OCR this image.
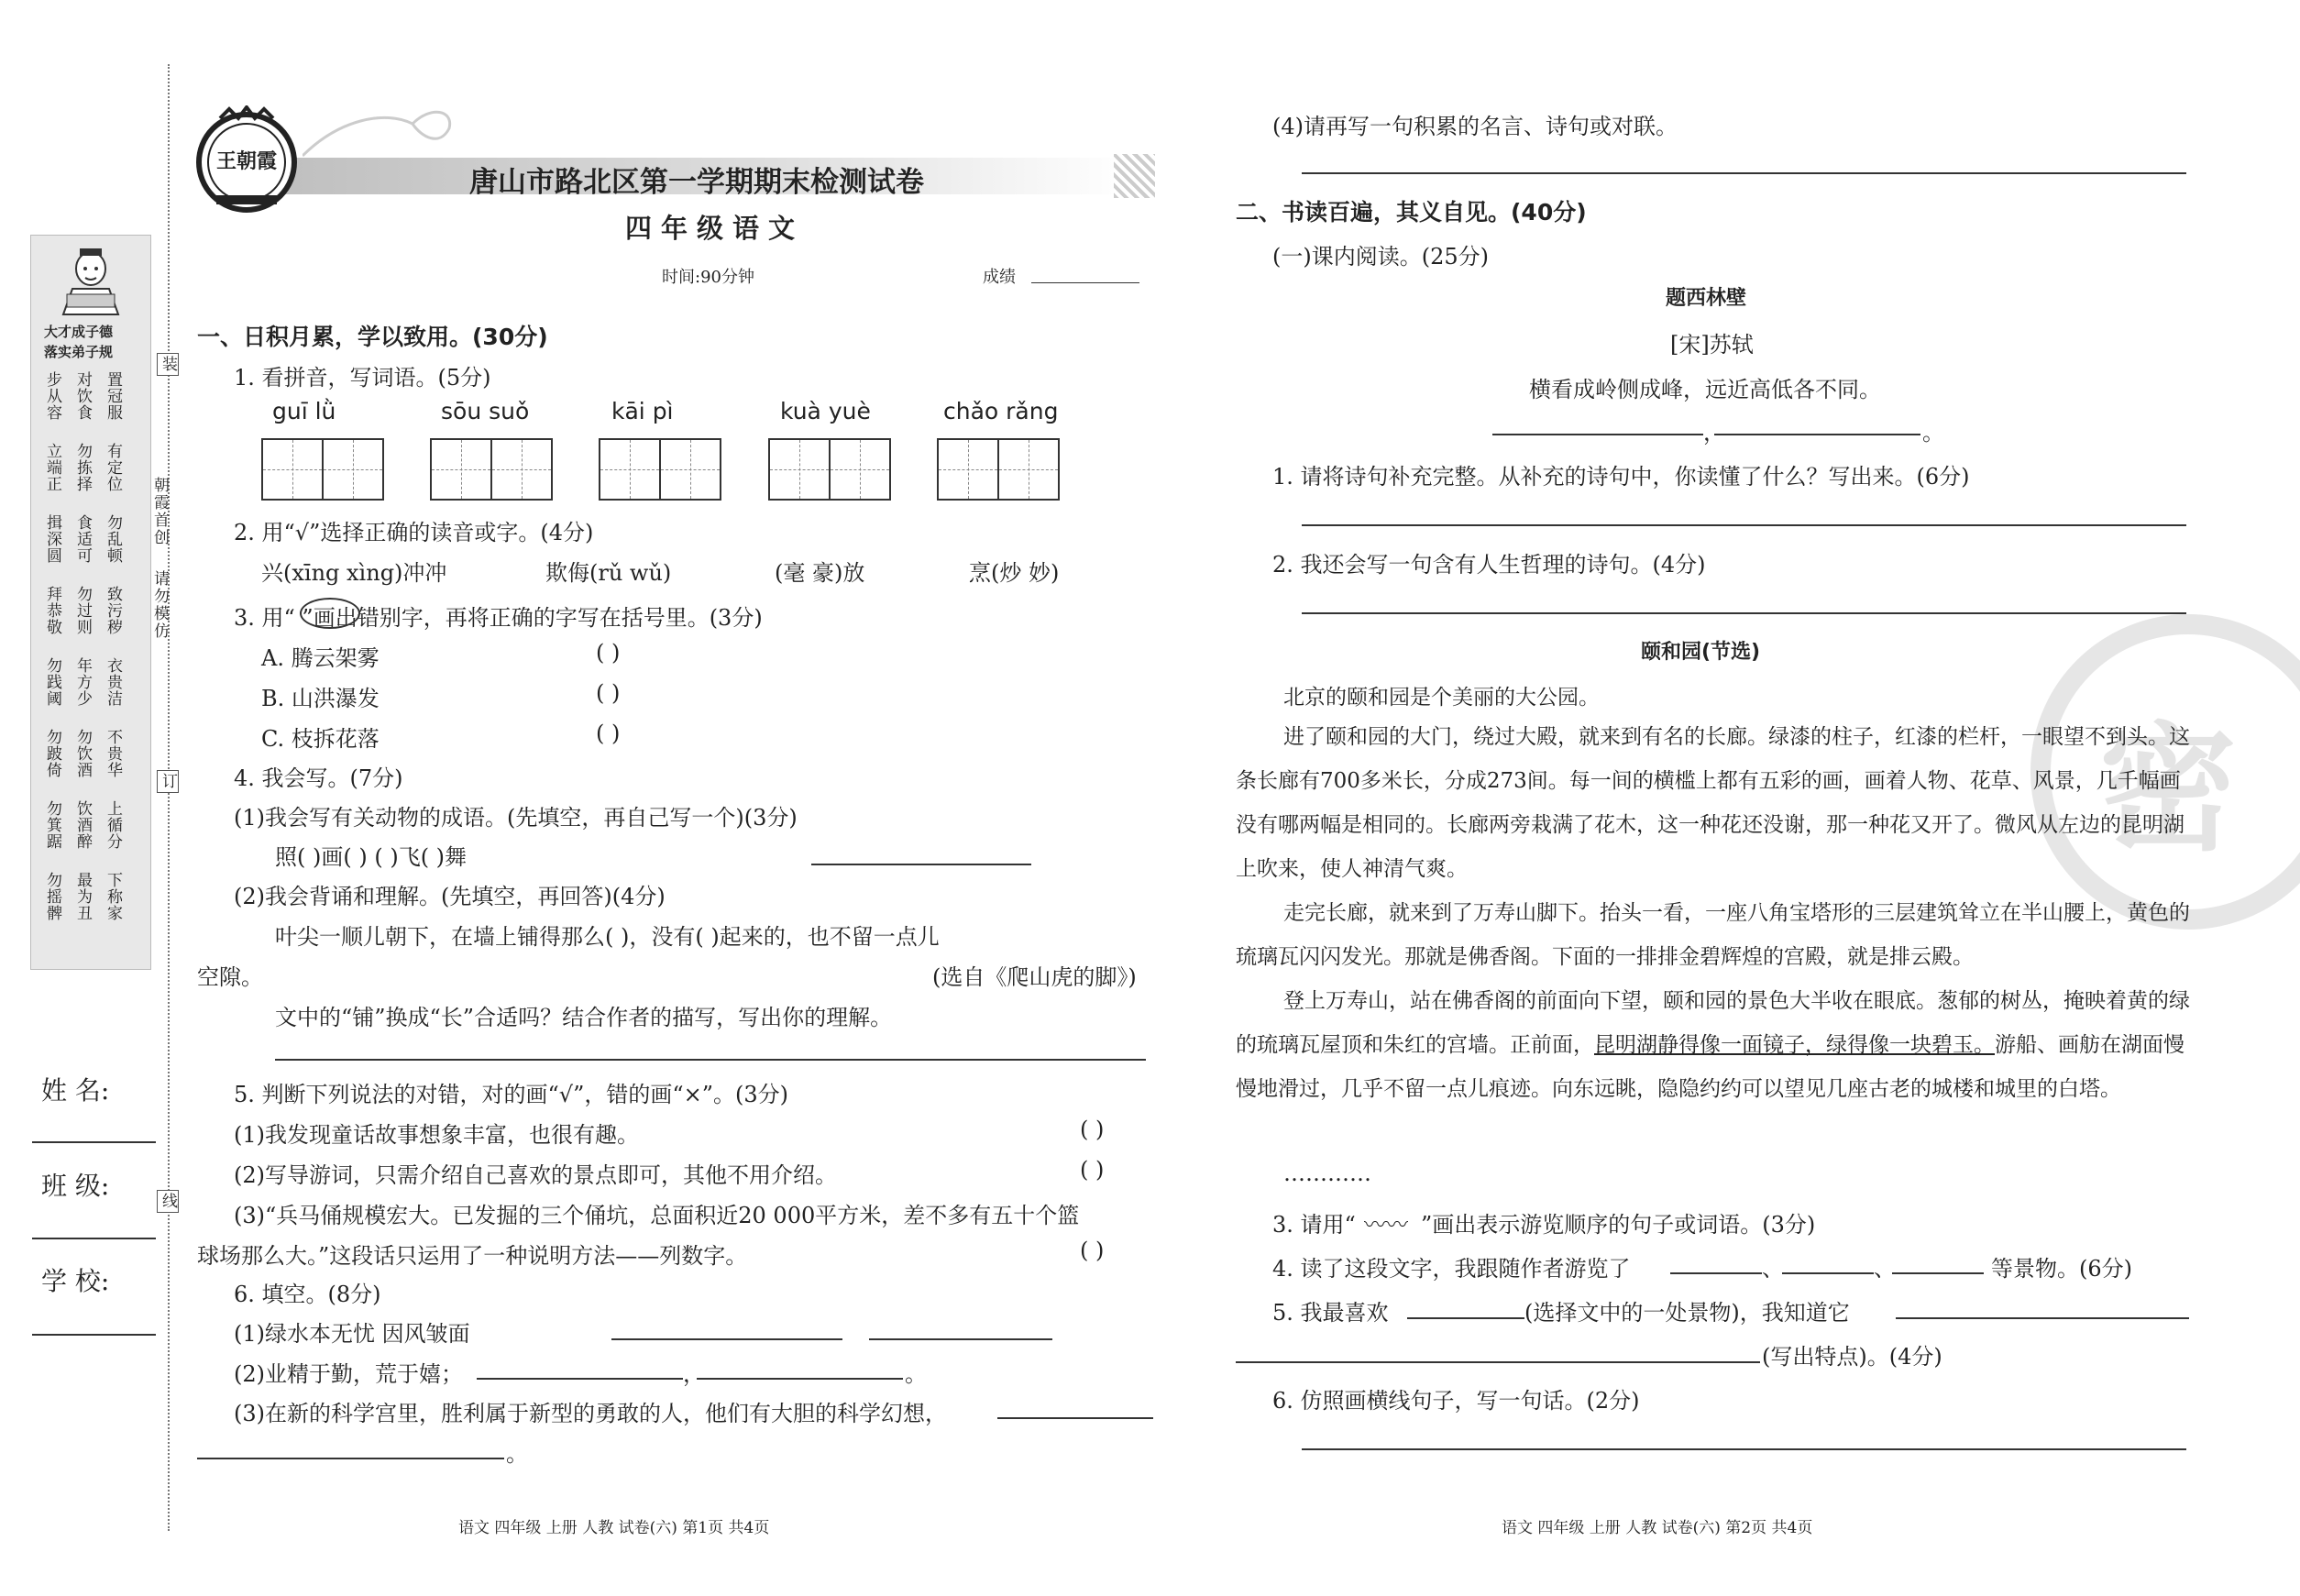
大才成子德
落实弟子规
步从容 对饮食 置冠服
立端正 勿拣择 有定位
揖深圆 食适可 勿乱顿
拜恭敬 勿过则 致污秽
勿践阈 年方少 衣贵洁
勿跛倚 勿饮酒 不贵华
勿箕踞 饮酒醉 上循分
勿摇髀 最为丑 下称家
装
订
线
朝霞首创
请勿模仿
姓 名:
班 级:
学 校:
王朝霞
唐山市路北区第一学期期末检测试卷
四年级语文
时间:90分钟	成绩
一、日积月累，学以致用。(30分)
1. 看拼音，写词语。(5分)
guī lǜ	sōu suǒ	kāi pì	kuà yuè	chǎo rǎng
2. 用“√”选择正确的读音或字。(4分)
兴(xīng xìng)冲冲	欺侮(rǔ wǔ)	(毫 豪)放	烹(炒 妙)
3. 用“ ”画出错别字，再将正确的字写在括号里。(3分)
A. 腾云架雾	( )
B. 山洪瀑发	( )
C. 枝拆花落	( )
4. 我会写。(7分)
(1)我会写有关动物的成语。(先填空，再自己写一个)(3分)
照( )画( ) ( )飞( )舞
(2)我会背诵和理解。(先填空，再回答)(4分)
叶尖一顺儿朝下，在墙上铺得那么( )，没有( )起来的，也不留一点儿
空隙。	(选自《爬山虎的脚》)
文中的“铺”换成“长”合适吗？结合作者的描写，写出你的理解。
5. 判断下列说法的对错，对的画“√”，错的画“×”。(3分)
(1)我发现童话故事想象丰富，也很有趣。	( )
(2)写导游词，只需介绍自己喜欢的景点即可，其他不用介绍。	( )
(3)“兵马俑规模宏大。已发掘的三个俑坑，总面积近20 000平方米，差不多有五十个篮
球场那么大。”这段话只运用了一种说明方法——列数字。	( )
6. 填空。(8分)
(1)绿水本无忧 因风皱面
(2)业精于勤，荒于嬉；	，	。
(3)在新的科学宫里，胜利属于新型的勇敢的人，他们有大胆的科学幻想，
。
语文 四年级 上册 人教 试卷(六) 第1页 共4页
密
(4)请再写一句积累的名言、诗句或对联。
二、书读百遍，其义自见。(40分)
(一)课内阅读。(25分)
题西林壁
[宋]苏轼
横看成岭侧成峰，远近高低各不同。
，	。
1. 请将诗句补充完整。从补充的诗句中，你读懂了什么？写出来。(6分)
2. 我还会写一句含有人生哲理的诗句。(4分)
颐和园(节选)
北京的颐和园是个美丽的大公园。
进了颐和园的大门，绕过大殿，就来到有名的长廊。绿漆的柱子，红漆的栏杆，一眼望不到头。这条长廊有700多米长，分成273间。每一间的横槛上都有五彩的画，画着人物、花草、风景，几千幅画没有哪两幅是相同的。长廊两旁栽满了花木，这一种花还没谢，那一种花又开了。微风从左边的昆明湖上吹来，使人神清气爽。
走完长廊，就来到了万寿山脚下。抬头一看，一座八角宝塔形的三层建筑耸立在半山腰上，黄色的琉璃瓦闪闪发光。那就是佛香阁。下面的一排排金碧辉煌的宫殿，就是排云殿。
登上万寿山，站在佛香阁的前面向下望，颐和园的景色大半收在眼底。葱郁的树丛，掩映着黄的绿的琉璃瓦屋顶和朱红的宫墙。正前面，昆明湖静得像一面镜子，绿得像一块碧玉。游船、画舫在湖面慢慢地滑过，几乎不留一点儿痕迹。向东远眺，隐隐约约可以望见几座古老的城楼和城里的白塔。
…………
3. 请用“ 〰〰 ”画出表示游览顺序的句子或词语。(3分)
4. 读了这段文字，我跟随作者游览了	、	、	等景物。(6分)
5. 我最喜欢	(选择文中的一处景物)，我知道它
(写出特点)。(4分)
6. 仿照画横线句子，写一句话。(2分)
语文 四年级 上册 人教 试卷(六) 第2页 共4页
